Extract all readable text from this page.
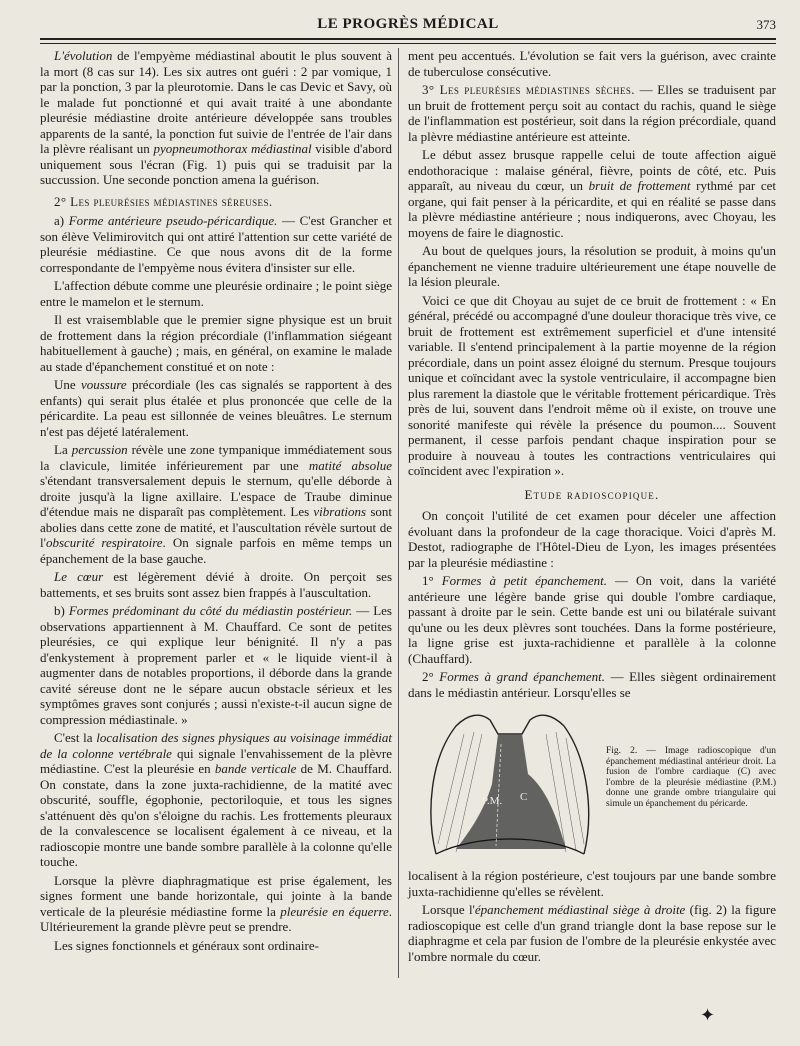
LE PROGRÈS MÉDICAL	373

L'évolution de l'empyème médiastinal aboutit le plus souvent à la mort (8 cas sur 14). Les six autres ont guéri : 2 par vomique, 1 par la ponction, 3 par la pleurotomie. Dans le cas Devic et Savy, où le malade fut ponctionné et qui avait traité à une abondante pleurésie médiastine droite antérieure développée sans troubles apparents de la santé, la ponction fut suivie de l'entrée de l'air dans la plèvre réalisant un pyopneumothorax médiastinal visible d'abord uniquement sous l'écran (Fig. 1) puis qui se traduisit par la succussion. Une seconde ponction amena la guérison.

2° Les pleurésies médiastines séreuses.

a) Forme antérieure pseudo-péricardique. — C'est Grancher et son élève Velimirovitch qui ont attiré l'attention sur cette variété de pleurésie médiastine. Ce que nous avons dit de la forme correspondante de l'empyème nous évitera d'insister sur elle.

L'affection débute comme une pleurésie ordinaire ; le point siège entre le mamelon et le sternum.

Il est vraisemblable que le premier signe physique est un bruit de frottement dans la région précordiale (l'inflammation siégeant habituellement à gauche) ; mais, en général, on examine le malade au stade d'épanchement constitué et on note :

Une voussure précordiale (les cas signalés se rapportent à des enfants) qui serait plus étalée et plus prononcée que celle de la péricardite. La peau est sillonnée de veines bleuâtres. Le sternum n'est pas déjeté latéralement.

La percussion révèle une zone tympanique immédiatement sous la clavicule, limitée inférieurement par une matité absolue s'étendant transversalement depuis le sternum, qu'elle déborde à droite jusqu'à la ligne axillaire. L'espace de Traube diminue d'étendue mais ne disparaît pas complètement. Les vibrations sont abolies dans cette zone de matité, et l'auscultation révèle surtout de l'obscurité respiratoire. On signale parfois en même temps un épanchement de la base gauche.

Le cœur est légèrement dévié à droite. On perçoit ses battements, et ses bruits sont assez bien frappés à l'auscultation.

b) Formes prédominant du côté du médiastin postérieur. — Les observations appartiennent à M. Chauffard. Ce sont de petites pleurésies, ce qui explique leur bénignité. Il n'y a pas d'enkystement à proprement parler et « le liquide vient-il à augmenter dans de notables proportions, il déborde dans la grande cavité séreuse dont ne le sépare aucun obstacle sérieux et les symptômes graves sont conjurés ; aussi n'existe-t-il aucun signe de compression médiastinale. »

C'est la localisation des signes physiques au voisinage immédiat de la colonne vertébrale qui signale l'envahissement de la plèvre médiastine. C'est la pleurésie en bande verticale de M. Chauffard. On constate, dans la zone juxta-rachidienne, de la matité avec obscurité, souffle, égophonie, pectoriloquie, et tous les signes s'atténuent dès qu'on s'éloigne du rachis. Les frottements pleuraux de la convalescence se localisent également à ce niveau, et la radioscopie montre une bande sombre parallèle à la colonne qu'elle touche.

Lorsque la plèvre diaphragmatique est prise également, les signes forment une bande horizontale, qui jointe à la bande verticale de la pleurésie médiastine forme la pleurésie en équerre. Ultérieurement la grande plèvre peut se prendre.

Les signes fonctionnels et généraux sont ordinaire-

ment peu accentués. L'évolution se fait vers la guérison, avec crainte de tuberculose consécutive.

3° Les pleurésies médiastines sèches. — Elles se traduisent par un bruit de frottement perçu soit au contact du rachis, quand le siège de l'inflammation est postérieur, soit dans la région précordiale, quand la plèvre médiastine antérieure est atteinte.

Le début assez brusque rappelle celui de toute affection aiguë endothoracique : malaise général, fièvre, points de côté, etc. Puis apparaît, au niveau du cœur, un bruit de frottement rythmé par cet organe, qui fait penser à la péricardite, et qui en réalité se passe dans la plèvre médiastine antérieure ; nous indiquerons, avec Choyau, les moyens de faire le diagnostic.

Au bout de quelques jours, la résolution se produit, à moins qu'un épanchement ne vienne traduire ultérieurement une étape nouvelle de la lésion pleurale.

Voici ce que dit Choyau au sujet de ce bruit de frottement : « En général, précédé ou accompagné d'une douleur thoracique très vive, ce bruit de frottement est extrêmement superficiel et d'une intensité variable. Il s'entend principalement à la partie moyenne de la région précordiale, dans un point assez éloigné du sternum. Presque toujours unique et coïncidant avec la systole ventriculaire, il accompagne bien plus rarement la diastole que le véritable frottement péricardique. Très près de lui, souvent dans l'endroit même où il existe, on trouve une sonorité manifeste qui révèle la présence du poumon.... Souvent permanent, il cesse parfois pendant chaque inspiration pour se produire à nouveau à toutes les contractions ventriculaires qui coïncident avec l'expiration ».

Etude radioscopique.

On conçoit l'utilité de cet examen pour déceler une affection évoluant dans la profondeur de la cage thoracique. Voici d'après M. Destot, radiographe de l'Hôtel-Dieu de Lyon, les images présentées par la pleurésie médiastine :

1° Formes à petit épanchement. — On voit, dans la variété antérieure une légère bande grise qui double l'ombre cardiaque, passant à droite par le sein. Cette bande est uni ou bilatérale suivant qu'une ou les deux plèvres sont touchées. Dans la forme postérieure, la ligne grise est juxta-rachidienne et parallèle à la colonne (Chauffard).

2° Formes à grand épanchement. — Elles siègent ordinairement dans le médiastin antérieur. Lorsqu'elles se

P.M. C
Fig. 2. — Image radioscopique d'un épanchement médiastinal antérieur droit. La fusion de l'ombre cardiaque (C) avec l'ombre de la pleurésie médiastine (P.M.) donne une grande ombre triangulaire qui simule un épanchement du péricarde.

localisent à la région postérieure, c'est toujours par une bande sombre juxta-rachidienne qu'elles se révèlent.

Lorsque l'épanchement médiastinal siège à droite (fig. 2) la figure radioscopique est celle d'un grand triangle dont la base repose sur le diaphragme et cela par fusion de l'ombre de la pleurésie enkystée avec l'ombre normale du cœur.

✦
